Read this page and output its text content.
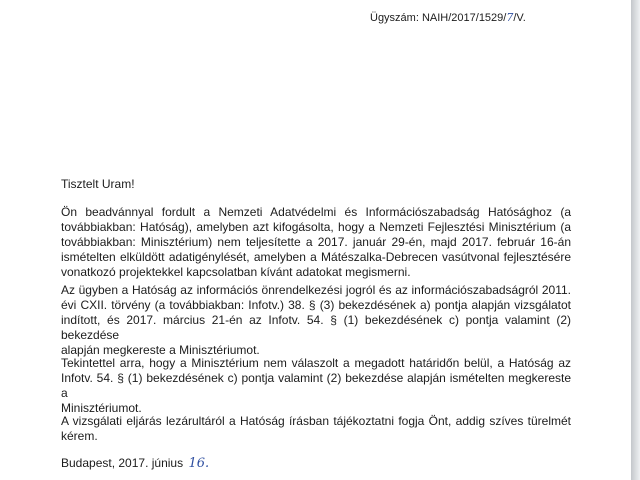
Ügyszám: NAIH/2017/1529/7/V.
Tisztelt Uram!
Ön beadvánnyal fordult a Nemzeti Adatvédelmi és Információszabadság Hatósághoz (a
továbbiakban: Hatóság), amelyben azt kifogásolta, hogy a Nemzeti Fejlesztési Minisztérium (a
továbbiakban: Minisztérium) nem teljesítette a 2017. január 29-én, majd 2017. február 16-án
ismételten elküldött adatigénylését, amelyben a Mátészalka-Debrecen vasútvonal fejlesztésére
vonatkozó projektekkel kapcsolatban kívánt adatokat megismerni.
Az ügyben a Hatóság az információs önrendelkezési jogról és az információszabadságról 2011.
évi CXII. törvény (a továbbiakban: Infotv.) 38. § (3) bekezdésének a) pontja alapján vizsgálatot
indított, és 2017. március 21-én az Infotv. 54. § (1) bekezdésének c) pontja valamint (2) bekezdése
alapján megkereste a Minisztériumot.
Tekintettel arra, hogy a Minisztérium nem válaszolt a megadott határidőn belül, a Hatóság az
Infotv. 54. § (1) bekezdésének c) pontja valamint (2) bekezdése alapján ismételten megkereste a
Minisztériumot.
A vizsgálati eljárás lezárultáról a Hatóság írásban tájékoztatni fogja Önt, addig szíves türelmét
kérem.
Budapest, 2017. június 16.
